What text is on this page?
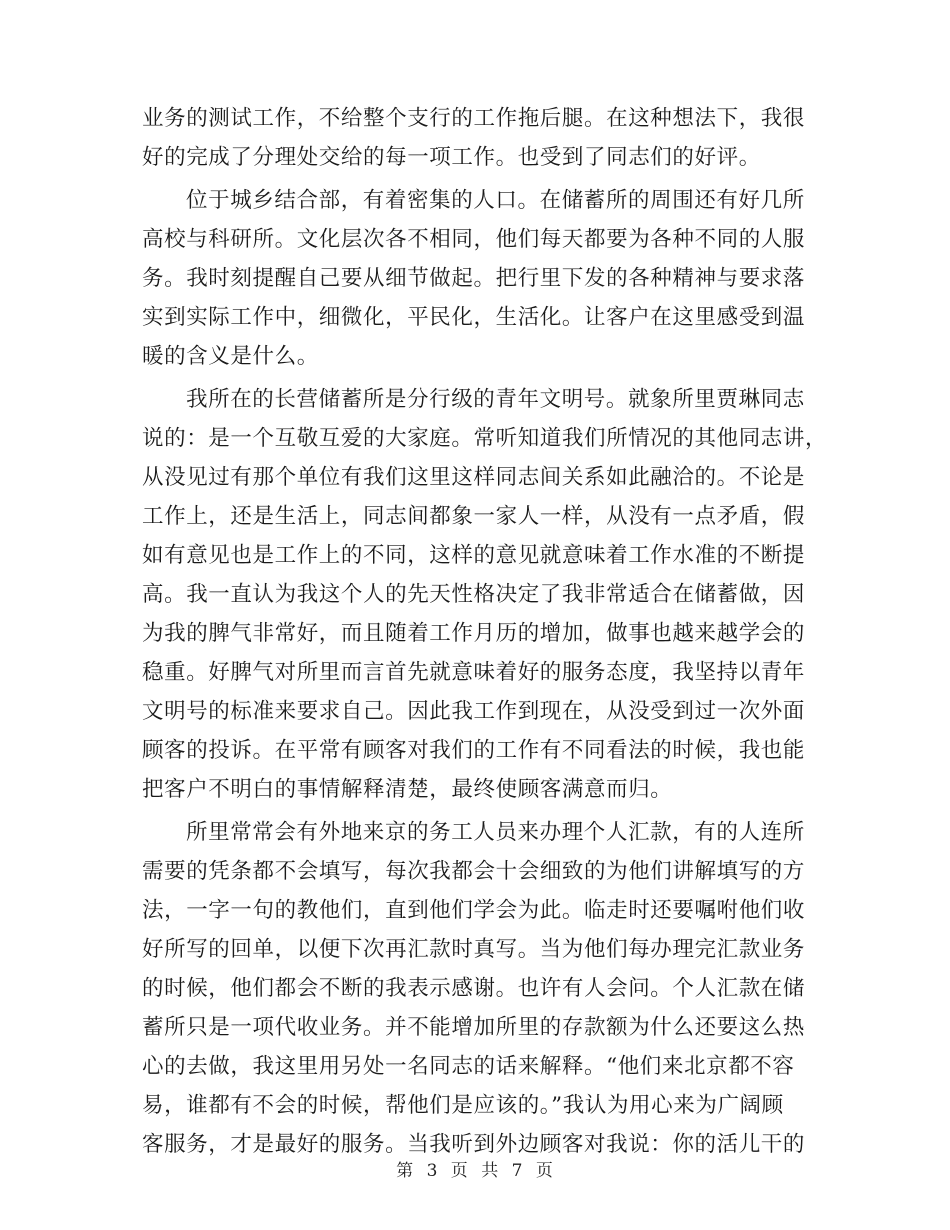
业务的测试工作，不给整个支行的工作拖后腿。在这种想法下，我很
好的完成了分理处交给的每一项工作。也受到了同志们的好评。
位于城乡结合部，有着密集的人口。在储蓄所的周围还有好几所
高校与科研所。文化层次各不相同，他们每天都要为各种不同的人服
务。我时刻提醒自己要从细节做起。把行里下发的各种精神与要求落
实到实际工作中，细微化，平民化，生活化。让客户在这里感受到温
暖的含义是什么。
我所在的长营储蓄所是分行级的青年文明号。就象所里贾琳同志
说的：是一个互敬互爱的大家庭。常听知道我们所情况的其他同志讲，
从没见过有那个单位有我们这里这样同志间关系如此融洽的。不论是
工作上，还是生活上，同志间都象一家人一样，从没有一点矛盾，假
如有意见也是工作上的不同，这样的意见就意味着工作水准的不断提
高。我一直认为我这个人的先天性格决定了我非常适合在储蓄做，因
为我的脾气非常好，而且随着工作月历的增加，做事也越来越学会的
稳重。好脾气对所里而言首先就意味着好的服务态度，我坚持以青年
文明号的标准来要求自己。因此我工作到现在，从没受到过一次外面
顾客的投诉。在平常有顾客对我们的工作有不同看法的时候，我也能
把客户不明白的事情解释清楚，最终使顾客满意而归。
所里常常会有外地来京的务工人员来办理个人汇款，有的人连所
需要的凭条都不会填写，每次我都会十会细致的为他们讲解填写的方
法，一字一句的教他们，直到他们学会为此。临走时还要嘱咐他们收
好所写的回单，以便下次再汇款时真写。当为他们每办理完汇款业务
的时候，他们都会不断的我表示感谢。也许有人会问。个人汇款在储
蓄所只是一项代收业务。并不能增加所里的存款额为什么还要这么热
心的去做，我这里用另处一名同志的话来解释。“他们来北京都不容
易，谁都有不会的时候，帮他们是应该的。”我认为用心来为广阔顾
客服务，才是最好的服务。当我听到外边顾客对我说：你的活儿干的
第 3 页 共 7 页
